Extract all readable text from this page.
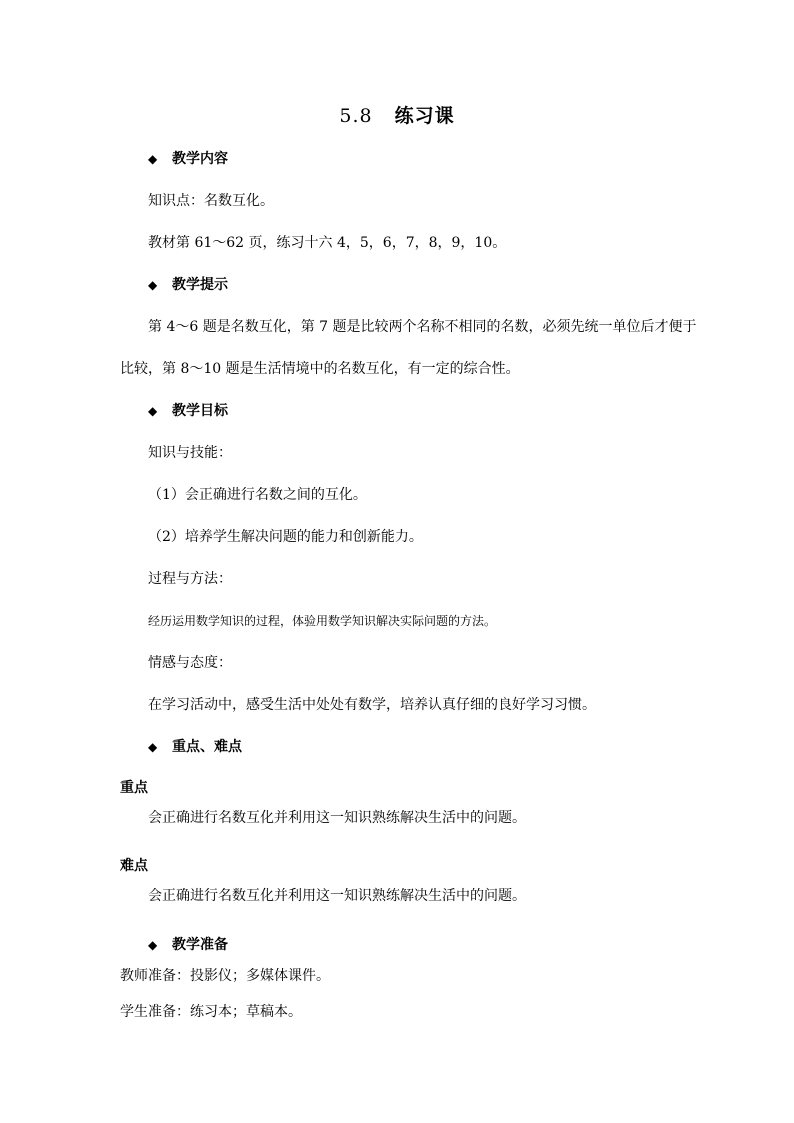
5.8 练习课
◆ 教学内容
知识点：名数互化。
教材第 61～62 页，练习十六 4，5，6，7，8，9，10。
◆ 教学提示
第 4～6 题是名数互化，第 7 题是比较两个名称不相同的名数，必须先统一单位后才便于
比较，第 8～10 题是生活情境中的名数互化，有一定的综合性。
◆ 教学目标
知识与技能：
（1）会正确进行名数之间的互化。
（2）培养学生解决问题的能力和创新能力。
过程与方法：
经历运用数学知识的过程，体验用数学知识解决实际问题的方法。
情感与态度：
在学习活动中，感受生活中处处有数学，培养认真仔细的良好学习习惯。
◆ 重点、难点
重点
会正确进行名数互化并利用这一知识熟练解决生活中的问题。
难点
会正确进行名数互化并利用这一知识熟练解决生活中的问题。
◆ 教学准备
教师准备：投影仪；多媒体课件。
学生准备：练习本；草稿本。
